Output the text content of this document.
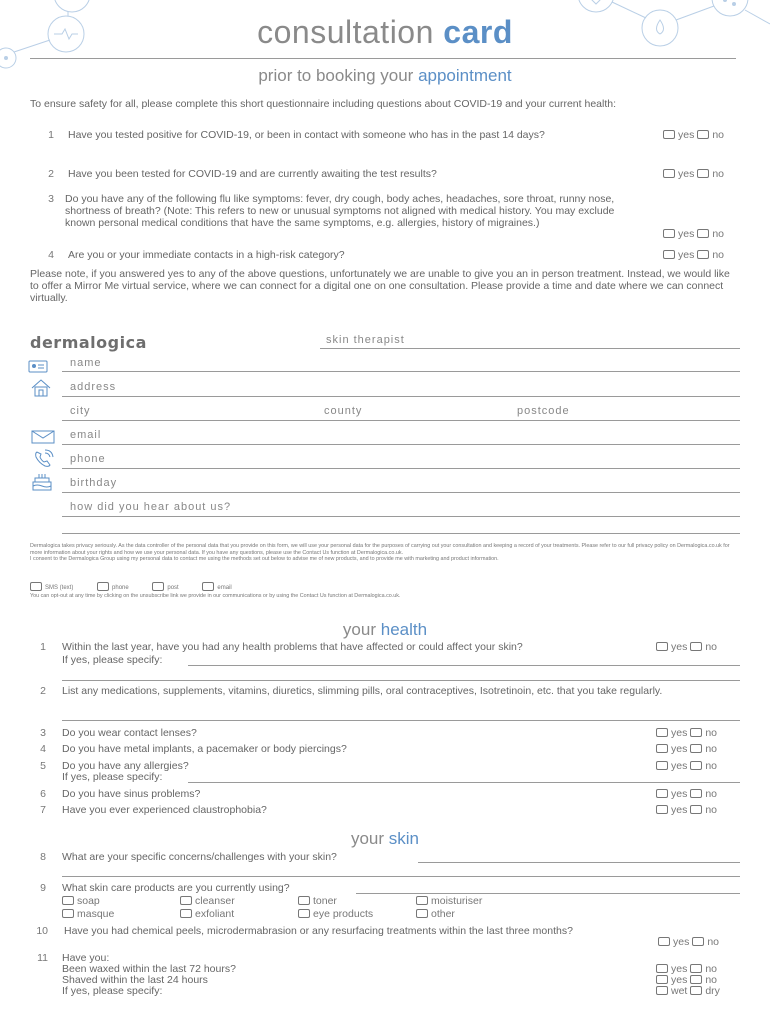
consultation card
prior to booking your appointment
To ensure safety for all, please complete this short questionnaire including questions about COVID-19 and your current health:
1 Have you tested positive for COVID-19, or been in contact with someone who has in the past 14 days?	yes no
2 Have you been tested for COVID-19 and are currently awaiting the test results?	yes no
3 Do you have any of the following flu like symptoms: fever, dry cough, body aches, headaches, sore throat, runny nose, shortness of breath? (Note: This refers to new or unusual symptoms not aligned with medical history. You may exclude known personal medical conditions that have the same symptoms, e.g. allergies, history of migraines.)
yes no
4 Are you or your immediate contacts in a high-risk category?	yes no
Please note, if you answered yes to any of the above questions, unfortunately we are unable to give you an in person treatment. Instead, we would like to offer a Mirror Me virtual service, where we can connect for a digital one on one consultation. Please provide a time and date where we can connect virtually.
dermalogica	skin therapist
name
address
city	county	postcode
email
phone
birthday
how did you hear about us?
Dermalogica takes privacy seriously. As the data controller of the personal data that you provide on this form, we will use your personal data for the purposes of carrying out your consultation and keeping a record of your treatments. Please refer to our full privacy policy on Dermalogica.co.uk for more information about your rights and how we use your personal data. If you have any questions, please use the Contact Us function at Dermalogica.co.uk.
I consent to the Dermalogica Group using my personal data to contact me using the methods set out below to advise me of new products, and to provide me with marketing and product information.
SMS (text)	phone	post	email
You can opt-out at any time by clicking on the unsubscribe link we provide in our communications or by using the Contact Us function at Dermalogica.co.uk.
your health
1 Within the last year, have you had any health problems that have affected or could affect your skin?	yes no
If yes, please specify:
2 List any medications, supplements, vitamins, diuretics, slimming pills, oral contraceptives, Isotretinoin, etc. that you take regularly.
3 Do you wear contact lenses?	yes no
4 Do you have metal implants, a pacemaker or body piercings?	yes no
5 Do you have any allergies?	yes no
If yes, please specify:
6 Do you have sinus problems?	yes no
7 Have you ever experienced claustrophobia?	yes no
your skin
8 What are your specific concerns/challenges with your skin?
9 What skin care products are you currently using?
soap	cleanser	toner	moisturiser
masque	exfoliant	eye products	other
10 Have you had chemical peels, microdermabrasion or any resurfacing treatments within the last three months?
yes no
11 Have you:
Been waxed within the last 72 hours?	yes no
Shaved within the last 24 hours	yes no
If yes, please specify:	wet dry
